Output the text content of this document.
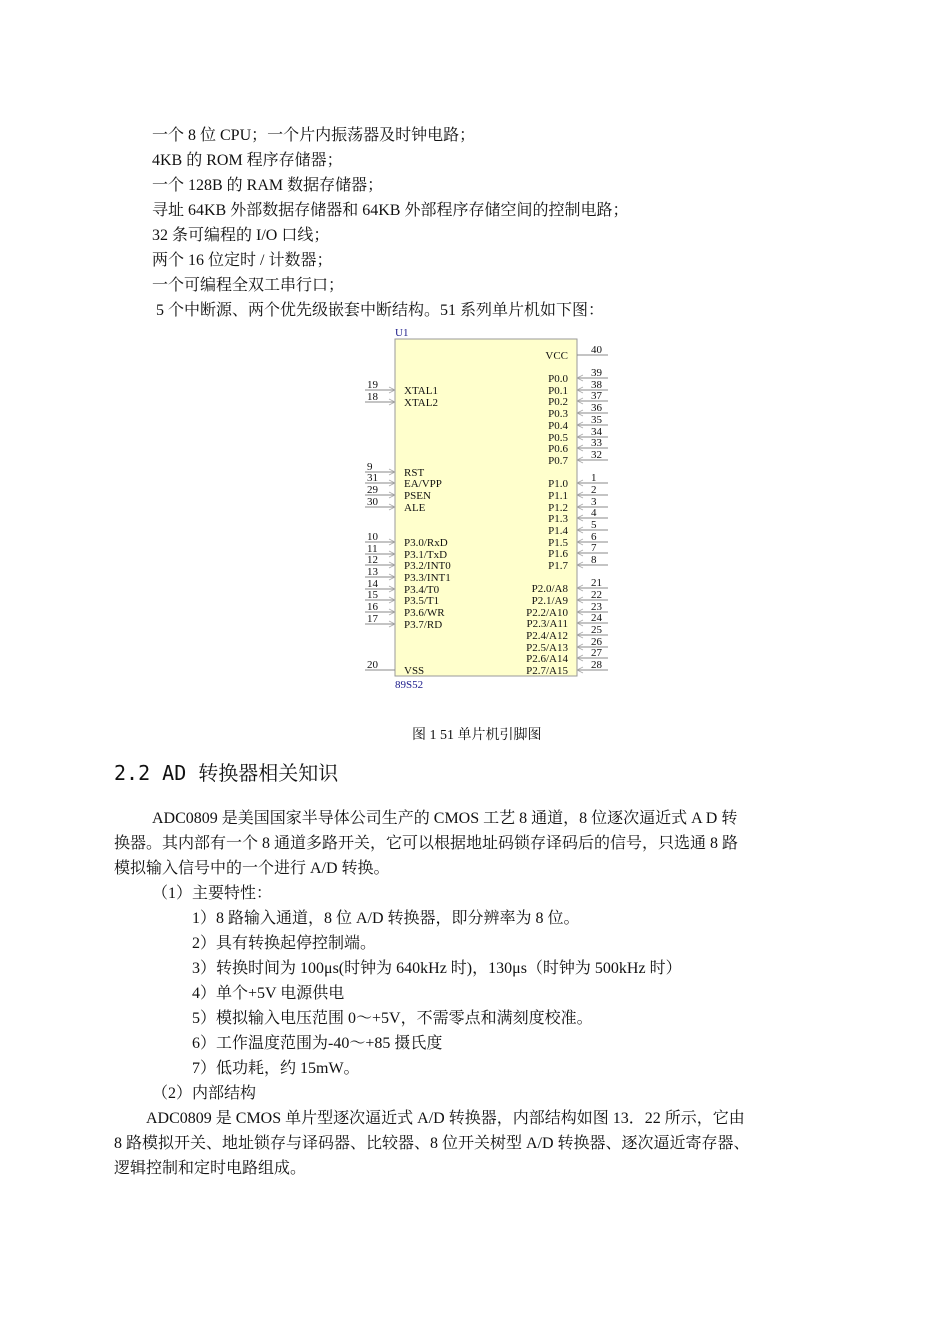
一个 8 位 CPU；一个片内振荡器及时钟电路；
4KB 的 ROM 程序存储器；
一个 128B 的 RAM 数据存储器；
寻址 64KB 外部数据存储器和 64KB 外部程序存储空间的控制电路；
32 条可编程的 I/O 口线；
两个 16 位定时 / 计数器；
一个可编程全双工串行口；
5 个中断源、两个优先级嵌套中断结构。51 系列单片机如下图：
U1
89S52
19 XTAL1
18 XTAL2
9	RST
31 EA/VPP
29 PSEN
30 ALE
10 P3.0/RxD
11 P3.1/TxD
12 P3.2/INT0
13 P3.3/INT1
14 P3.4/T0
15 P3.5/T1
16 P3.6/WR
17 P3.7/RD
20 VSS
40
VCC
39
P0.0 38
P0.1 37
P0.2 36
P0.3 35
P0.4 34
P0.5 33
P0.6 32
P0.7
1
P1.0 2
P1.1 3
P1.2 4
P1.3 5
P1.4 6
P1.5 7
P1.6 8
P1.7
21
P2.0/A8 22
P2.1/A9 23
P2.2/A10 24
P2.3/A11 25
P2.4/A12 26
P2.5/A13 27
P2.6/A14 28
P2.7/A15
图 1 51 单片机引脚图
2.2 AD 转换器相关知识
ADC0809 是美国国家半导体公司生产的 CMOS 工艺 8 通道，8 位逐次逼近式 A D 转
换器。其内部有一个 8 通道多路开关，它可以根据地址码锁存译码后的信号，只选通 8 路
模拟输入信号中的一个进行 A/D 转换。
（1）主要特性：
1）8 路输入通道，8 位 A/D 转换器，即分辨率为 8 位。
2）具有转换起停控制端。
3）转换时间为 100μs(时钟为 640kHz 时)，130μs（时钟为 500kHz 时）
4）单个+5V 电源供电
5）模拟输入电压范围 0～+5V，不需零点和满刻度校准。
6）工作温度范围为-40～+85 摄氏度
7）低功耗，约 15mW。
（2）内部结构
ADC0809 是 CMOS 单片型逐次逼近式 A/D 转换器，内部结构如图 13．22 所示，它由
8 路模拟开关、地址锁存与译码器、比较器、8 位开关树型 A/D 转换器、逐次逼近寄存器、
逻辑控制和定时电路组成。
